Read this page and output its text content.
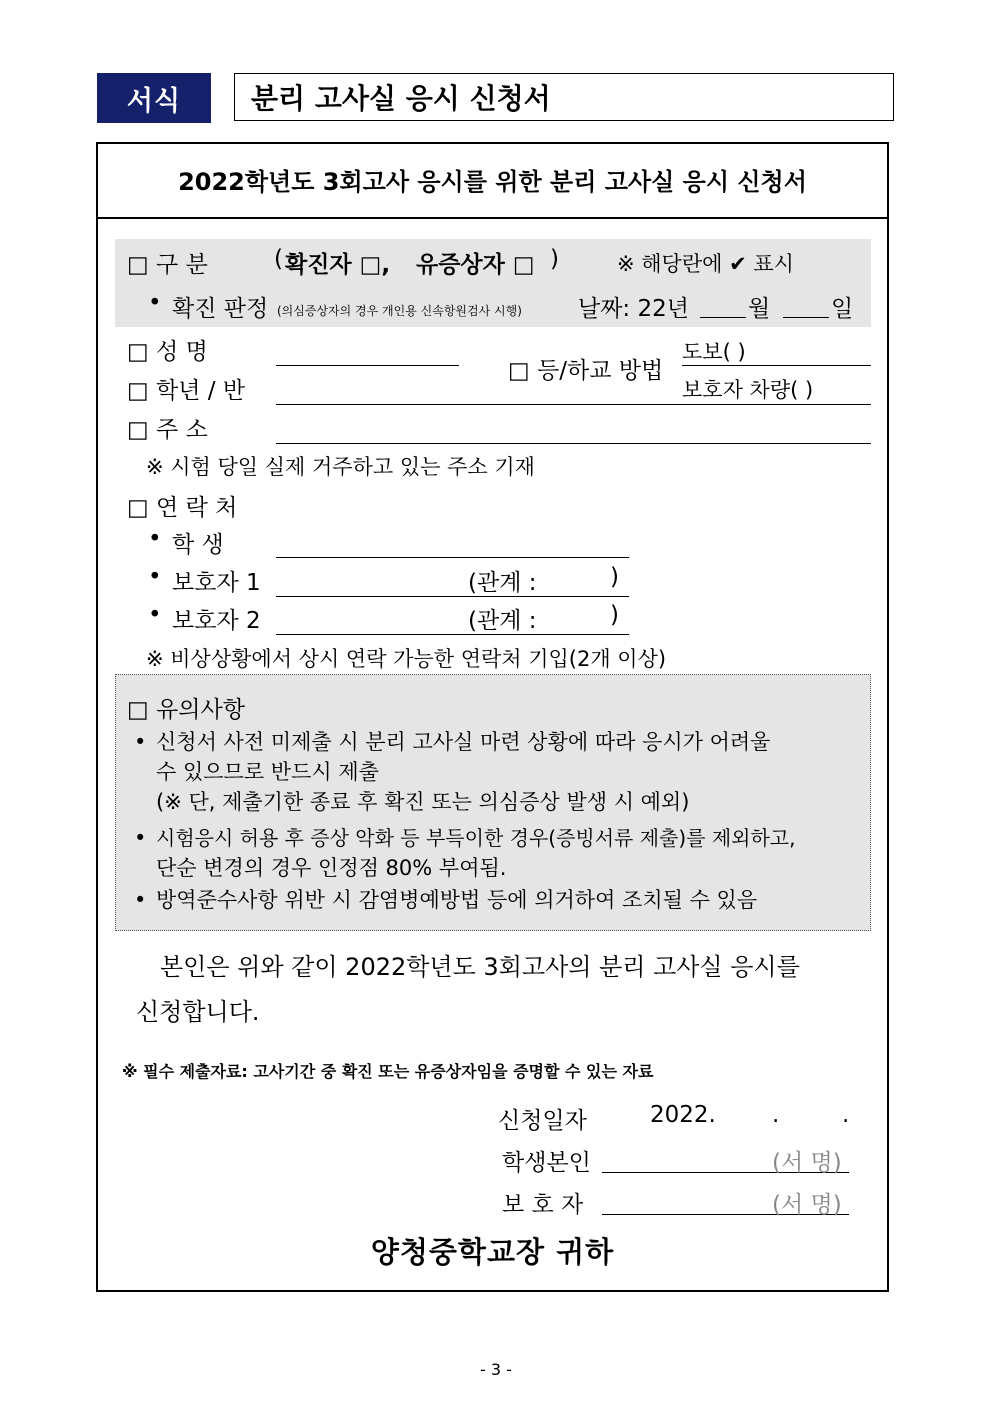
서식	분리 고사실 응시 신청서
2022학년도 3회고사 응시를 위한 분리 고사실 응시 신청서
□ 구 분	( 확진자 □, 유증상자 □ )	※ 해당란에 ✔ 표시
• 확진 판정 (의심증상자의 경우 개인용 신속항원검사 시행) 날짜: 22년	월	일
□ 성 명
□ 등/하교 방법
도보( )
보호자 차량( )
□ 학년 / 반
□ 주 소
※ 시험 당일 실제 거주하고 있는 주소 기재
□ 연 락 처
• 학 생
• 보호자 1	(관계 :	)
• 보호자 2	(관계 :	)
※ 비상상황에서 상시 연락 가능한 연락처 기입(2개 이상)
□ 유의사항
• 신청서 사전 미제출 시 분리 고사실 마련 상황에 따라 응시가 어려울
수 있으므로 반드시 제출
(※ 단, 제출기한 종료 후 확진 또는 의심증상 발생 시 예외)
• 시험응시 허용 후 증상 악화 등 부득이한 경우(증빙서류 제출)를 제외하고,
단순 변경의 경우 인정점 80% 부여됨.
• 방역준수사항 위반 시 감염병예방법 등에 의거하여 조치될 수 있음
본인은 위와 같이 2022학년도 3회고사의 분리 고사실 응시를
신청합니다.
※ 필수 제출자료: 고사기간 중 확진 또는 유증상자임을 증명할 수 있는 자료
신청일자	2022. .	.
학생본인	(서 명)
보 호 자	(서 명)
양청중학교장 귀하
- 3 -
